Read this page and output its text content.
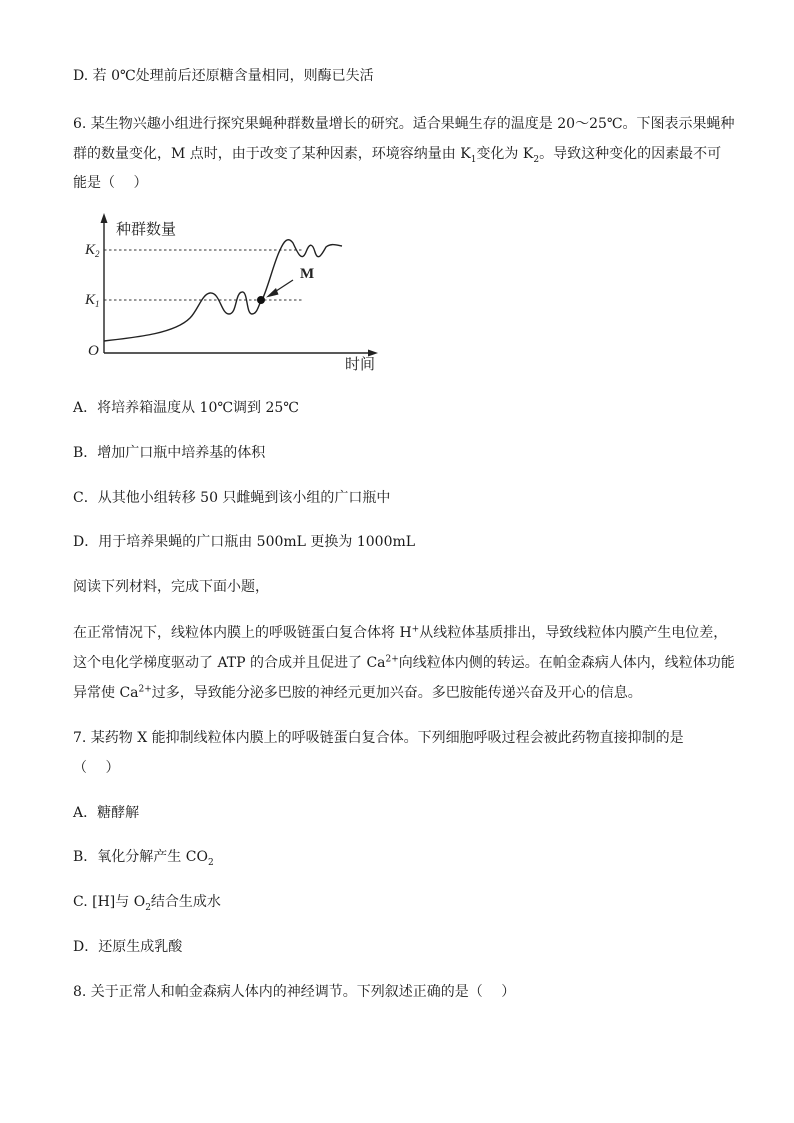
D. 若 0℃处理前后还原糖含量相同，则酶已失活
6. 某生物兴趣小组进行探究果蝇种群数量增长的研究。适合果蝇生存的温度是 20～25℃。下图表示果蝇种
群的数量变化，M 点时，由于改变了某种因素，环境容纳量由 $K_1$变化为 $K_2$。导致这种变化的因素最不可
能是（　 ）
种群数量
时间
O
$K_2$
$K_1$
M
A．将培养箱温度从 10℃调到 25℃
B．增加广口瓶中培养基的体积
C．从其他小组转移 50 只雌蝇到该小组的广口瓶中
D．用于培养果蝇的广口瓶由 500mL 更换为 1000mL
阅读下列材料，完成下面小题，
在正常情况下，线粒体内膜上的呼吸链蛋白复合体将 H+从线粒体基质排出，导致线粒体内膜产生电位差，
这个电化学梯度驱动了 ATP 的合成并且促进了 $Ca^{2+}$向线粒体内侧的转运。在帕金森病人体内，线粒体功能
异常使 $Ca^{2+}$过多，导致能分泌多巴胺的神经元更加兴奋。多巴胺能传递兴奋及开心的信息。
7. 某药物 X 能抑制线粒体内膜上的呼吸链蛋白复合体。下列细胞呼吸过程会被此药物直接抑制的是
（　 ）
A．糖酵解
B．氧化分解产生 $CO_2$
C. [H]与 $O_2$结合生成水
D．还原生成乳酸
8. 关于正常人和帕金森病人体内的神经调节。下列叙述正确的是（　 ）
